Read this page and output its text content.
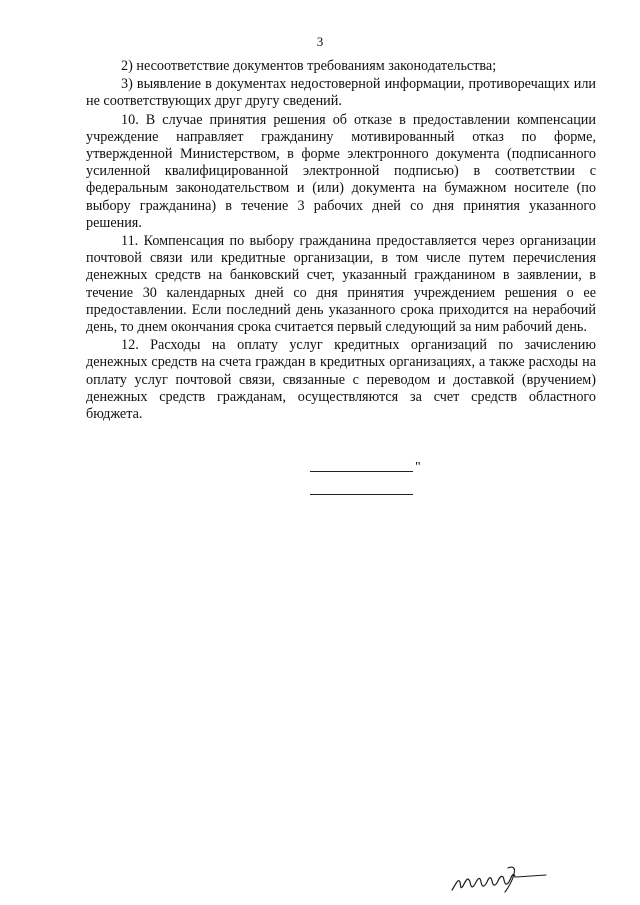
3

2) несоответствие документов требованиям законодательства;

3) выявление в документах недостоверной информации, противоречащих или не соответствующих друг другу сведений.

10. В случае принятия решения об отказе в предоставлении компенсации учреждение направляет гражданину мотивированный отказ по форме, утвержденной Министерством, в форме электронного документа (подписанного усиленной квалифицированной электронной подписью) в соответствии с федеральным законодательством и (или) документа на бумажном носителе (по выбору гражданина) в течение 3 рабочих дней со дня принятия указанного решения.

11. Компенсация по выбору гражданина предоставляется через организации почтовой связи или кредитные организации, в том числе путем перечисления денежных средств на банковский счет, указанный гражданином в заявлении, в течение 30 календарных дней со дня принятия учреждением решения о ее предоставлении. Если последний день указанного срока приходится на нерабочий день, то днем окончания срока считается первый следующий за ним рабочий день.

12. Расходы на оплату услуг кредитных организаций по зачислению денежных средств на счета граждан в кредитных организациях, а также расходы на оплату услуг почтовой связи, связанные с переводом и доставкой (вручением) денежных средств гражданам, осуществляются за счет средств областного бюджета.

"
